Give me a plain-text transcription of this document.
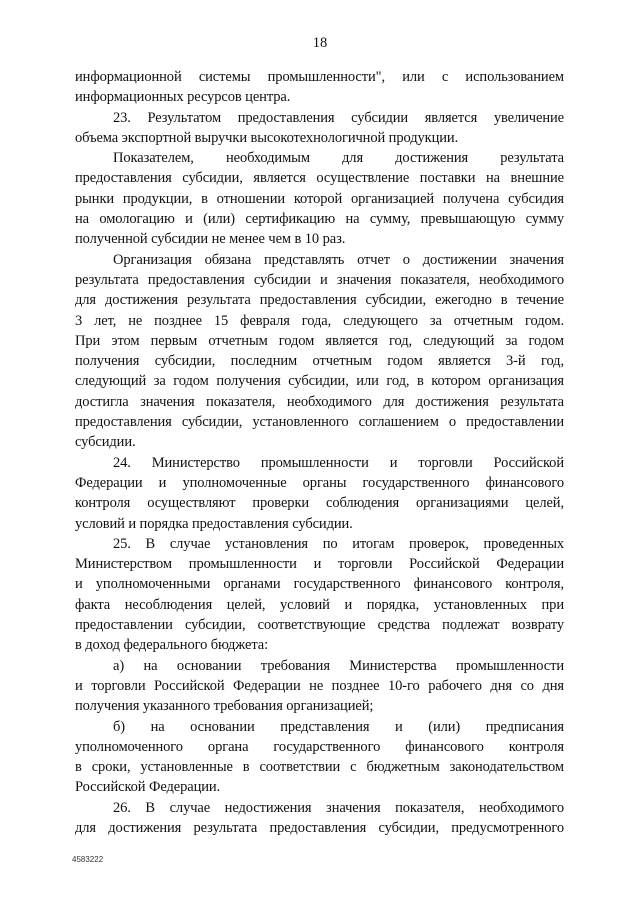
18
информационной системы промышленности", или с использованием
информационных ресурсов центра.
23. Результатом предоставления субсидии является увеличение
объема экспортной выручки высокотехнологичной продукции.
Показателем, необходимым для достижения результата
предоставления субсидии, является осуществление поставки на внешние
рынки продукции, в отношении которой организацией получена субсидия
на омологацию и (или) сертификацию на сумму, превышающую сумму
полученной субсидии не менее чем в 10 раз.
Организация обязана представлять отчет о достижении значения
результата предоставления субсидии и значения показателя, необходимого
для достижения результата предоставления субсидии, ежегодно в течение
3 лет, не позднее 15 февраля года, следующего за отчетным годом.
При этом первым отчетным годом является год, следующий за годом
получения субсидии, последним отчетным годом является 3-й год,
следующий за годом получения субсидии, или год, в котором организация
достигла значения показателя, необходимого для достижения результата
предоставления субсидии, установленного соглашением о предоставлении
субсидии.
24. Министерство промышленности и торговли Российской
Федерации и уполномоченные органы государственного финансового
контроля осуществляют проверки соблюдения организациями целей,
условий и порядка предоставления субсидии.
25. В случае установления по итогам проверок, проведенных
Министерством промышленности и торговли Российской Федерации
и уполномоченными органами государственного финансового контроля,
факта несоблюдения целей, условий и порядка, установленных при
предоставлении субсидии, соответствующие средства подлежат возврату
в доход федерального бюджета:
а) на основании требования Министерства промышленности
и торговли Российской Федерации не позднее 10-го рабочего дня со дня
получения указанного требования организацией;
б) на основании представления и (или) предписания
уполномоченного органа государственного финансового контроля
в сроки, установленные в соответствии с бюджетным законодательством
Российской Федерации.
26. В случае недостижения значения показателя, необходимого
для достижения результата предоставления субсидии, предусмотренного
4583222
